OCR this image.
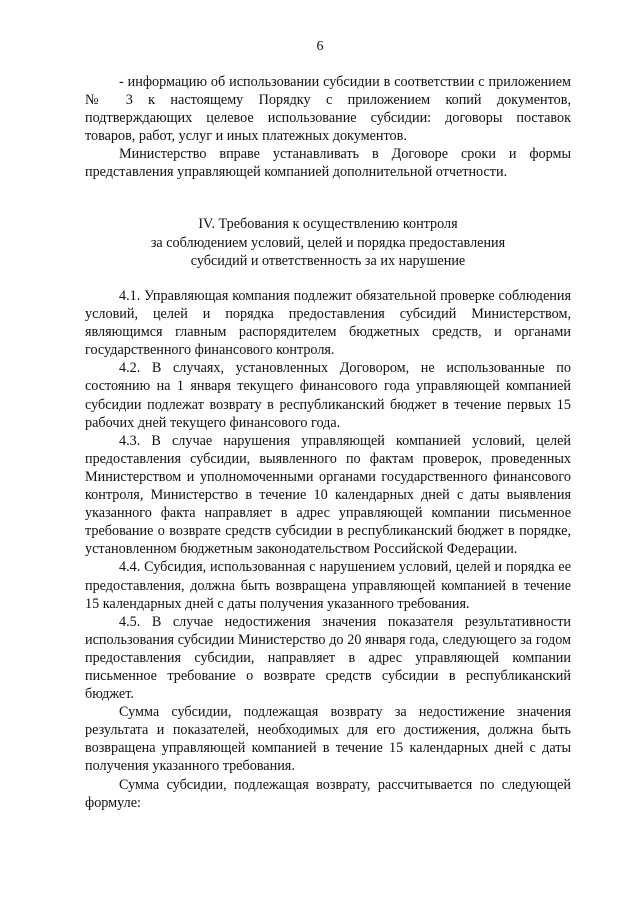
6

- информацию об использовании субсидии в соответствии с приложением № 3 к настоящему Порядку с приложением копий документов, подтверждающих целевое использование субсидии: договоры поставок товаров, работ, услуг и иных платежных документов.

Министерство вправе устанавливать в Договоре сроки и формы представления управляющей компанией дополнительной отчетности.

IV. Требования к осуществлению контроля
за соблюдением условий, целей и порядка предоставления
субсидий и ответственность за их нарушение

4.1. Управляющая компания подлежит обязательной проверке соблюдения условий, целей и порядка предоставления субсидий Министерством, являющимся главным распорядителем бюджетных средств, и органами государственного финансового контроля.

4.2. В случаях, установленных Договором, не использованные по состоянию на 1 января текущего финансового года управляющей компанией субсидии подлежат возврату в республиканский бюджет в течение первых 15 рабочих дней текущего финансового года.

4.3. В случае нарушения управляющей компанией условий, целей предоставления субсидии, выявленного по фактам проверок, проведенных Министерством и уполномоченными органами государственного финансового контроля, Министерство в течение 10 календарных дней с даты выявления указанного факта направляет в адрес управляющей компании письменное требование о возврате средств субсидии в республиканский бюджет в порядке, установленном бюджетным законодательством Российской Федерации.

4.4. Субсидия, использованная с нарушением условий, целей и порядка ее предоставления, должна быть возвращена управляющей компанией в течение 15 календарных дней с даты получения указанного требования.

4.5. В случае недостижения значения показателя результативности использования субсидии Министерство до 20 января года, следующего за годом предоставления субсидии, направляет в адрес управляющей компании письменное требование о возврате средств субсидии в республиканский бюджет.

Сумма субсидии, подлежащая возврату за недостижение значения результата и показателей, необходимых для его достижения, должна быть возвращена управляющей компанией в течение 15 календарных дней с даты получения указанного требования.

Сумма субсидии, подлежащая возврату, рассчитывается по следующей формуле:
